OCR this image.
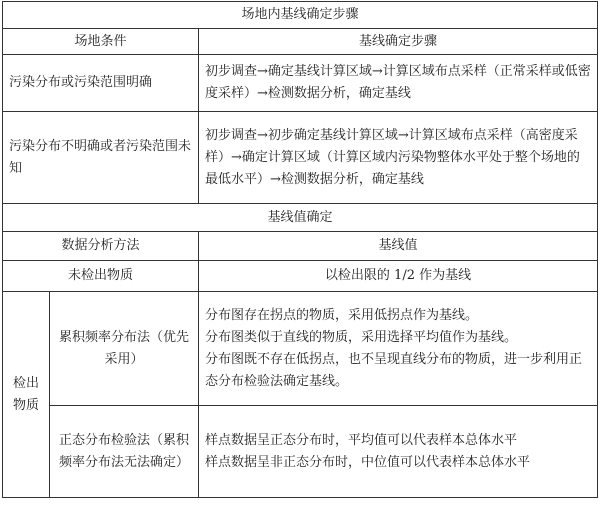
场地内基线确定步骤		
场地条件		基线确定步骤
污染分布或污染范围明确		初步调查→确定基线计算区域→计算区域布点采样（正常采样或低密度采样）→检测数据分析，确定基线
污染分布不明确或者污染范围未知		初步调查→初步确定基线计算区域→计算区域布点采样（高密度采样）→确定计算区域（计算区域内污染物整体水平处于整个场地的最低水平）→检测数据分析，确定基线
基线值确定		
数据分析方法		基线值
未检出物质		以检出限的 1/2 作为基线
检出物质	累积频率分布法（优先采用）	分布图存在拐点的物质，采用低拐点作为基线。

分布图类似于直线的物质，采用选择平均值作为基线。

分布图既不存在低拐点，也不呈现直线分布的物质，进一步利用正态分布检验法确定基线。

	正态分布检验法（累积频率分布法无法确定）	样点数据呈正态分布时，平均值可以代表样本总体水平

样点数据呈非正态分布时，中位值可以代表样本总体水平
